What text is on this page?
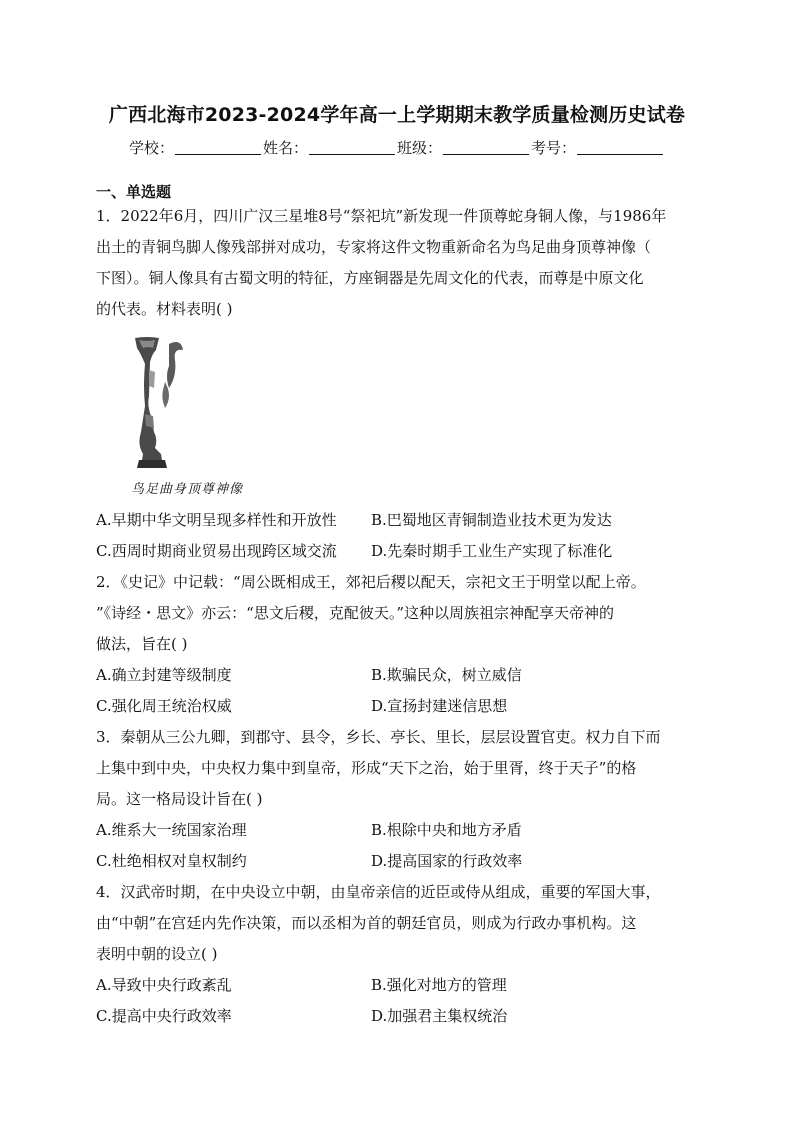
广西北海市2023-2024学年高一上学期期末教学质量检测历史试卷
学校：	姓名：	班级：	考号：
一、单选题
1．2022年6月，四川广汉三星堆8号“祭祀坑”新发现一件顶尊蛇身铜人像，与1986年
出土的青铜鸟脚人像残部拼对成功，专家将这件文物重新命名为鸟足曲身顶尊神像（
下图）。铜人像具有古蜀文明的特征，方座铜器是先周文化的代表，而尊是中原文化
的代表。材料表明( )
鸟足曲身顶尊神像
A.早期中华文明呈现多样性和开放性 B.巴蜀地区青铜制造业技术更为发达
C.西周时期商业贸易出现跨区域交流 D.先秦时期手工业生产实现了标准化
2．《史记》中记载：“周公既相成王，郊祀后稷以配天，宗祀文王于明堂以配上帝。
”《诗经・思文》亦云：“思文后稷，克配彼天。”这种以周族祖宗神配享天帝神的
做法，旨在( )
A.确立封建等级制度	B.欺骗民众，树立威信
C.强化周王统治权威	D.宣扬封建迷信思想
3．秦朝从三公九卿，到郡守、县令，乡长、亭长、里长，层层设置官吏。权力自下而
上集中到中央，中央权力集中到皇帝，形成“天下之治，始于里胥，终于天子”的格
局。这一格局设计旨在( )
A.维系大一统国家治理	B.根除中央和地方矛盾
C.杜绝相权对皇权制约	D.提高国家的行政效率
4．汉武帝时期，在中央设立中朝，由皇帝亲信的近臣或侍从组成，重要的军国大事，
由“中朝”在宫廷内先作决策，而以丞相为首的朝廷官员，则成为行政办事机构。这
表明中朝的设立( )
A.导致中央行政紊乱	B.强化对地方的管理
C.提高中央行政效率	D.加强君主集权统治
